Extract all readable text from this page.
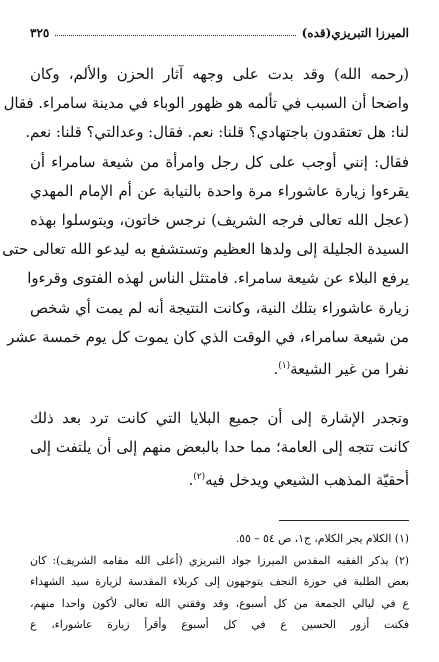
الميرزا التبريزي(قده)
٣٢٥
(رحمه الله) وقد بدت على وجهه آثار الحزن والألم، وكان
واضحا أن السبب في تألمه هو ظهور الوباء في مدينة سامراء. فقال
لنا: هل تعتقدون باجتهادي؟ قلنا: نعم. فقال: وعدالتي؟ قلنا: نعم.
فقال: إنني أوجب على كل رجل وامرأة من شيعة سامراء أن
يقرءوا زيارة عاشوراء مرة واحدة بالنيابة عن أم الإمام المهدي
(عجل الله تعالى فرجه الشريف) نرجس خاتون، ويتوسلوا بهذه
السيدة الجليلة إلى ولدها العظيم وتستشفع به ليدعو الله تعالى حتى
يرفع البلاء عن شيعة سامراء. فامتثل الناس لهذه الفتوى وقرءوا
زيارة عاشوراء بتلك النية، وكانت النتيجة أنه لم يمت أي شخص
من شيعة سامراء، في الوقت الذي كان يموت كل يوم خمسة عشر
نفرا من غير الشيعة$^{(١)}$.
وتجدر الإشارة إلى أن جميع البلايا التي كانت ترد بعد ذلك
كانت تتجه إلى العامة؛ مما حدا بالبعض منهم إلى أن يلتفت إلى
أحقيّة المذهب الشيعي ويدخل فيه$^{(٢)}$.
(١) الكلام يجر الكلام، ج١، ص ٥٤ – ٥٥.
(٢) يذكر الفقيه المقدس الميرزا جواد التبريزي (أعلى الله مقامه الشريف): كان
بعض الطلبة في حوزة النجف يتوجهون إلى كربلاء المقدسة لزيارة سيد الشهداء
ع في ليالي الجمعة من كل أسبوع، وقد وفقني الله تعالى لأكون واحدا منهم،
فكنت أزور الحسين ع في كل أسبوع وأقرأ زيارة عاشوراء، ع
